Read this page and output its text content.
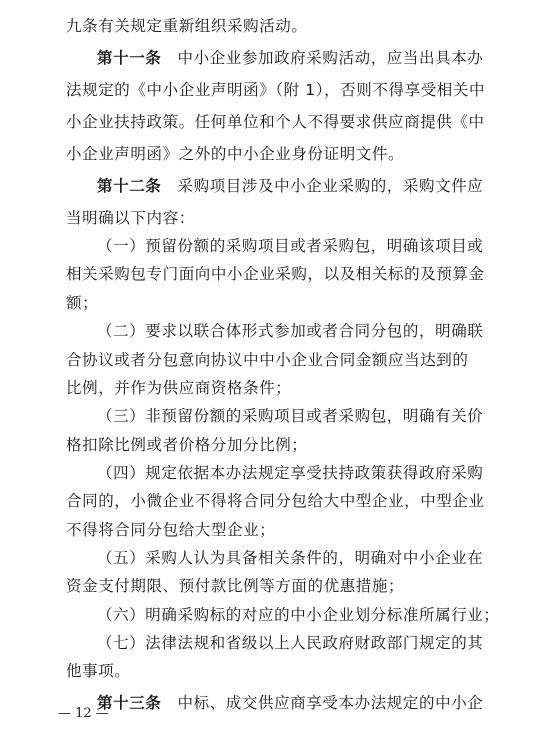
九条有关规定重新组织采购活动。
第十一条　中小企业参加政府采购活动，应当出具本办
法规定的《中小企业声明函》（附 1），否则不得享受相关中
小企业扶持政策。任何单位和个人不得要求供应商提供《中
小企业声明函》之外的中小企业身份证明文件。
第十二条　采购项目涉及中小企业采购的，采购文件应
当明确以下内容：
（一）预留份额的采购项目或者采购包，明确该项目或
相关采购包专门面向中小企业采购，以及相关标的及预算金
额；
（二）要求以联合体形式参加或者合同分包的，明确联
合协议或者分包意向协议中中小企业合同金额应当达到的
比例，并作为供应商资格条件；
（三）非预留份额的采购项目或者采购包，明确有关价
格扣除比例或者价格分加分比例；
（四）规定依据本办法规定享受扶持政策获得政府采购
合同的，小微企业不得将合同分包给大中型企业，中型企业
不得将合同分包给大型企业；
（五）采购人认为具备相关条件的，明确对中小企业在
资金支付期限、预付款比例等方面的优惠措施；
（六）明确采购标的对应的中小企业划分标准所属行业；
（七）法律法规和省级以上人民政府财政部门规定的其
他事项。
第十三条　中标、成交供应商享受本办法规定的中小企
— 12 —
